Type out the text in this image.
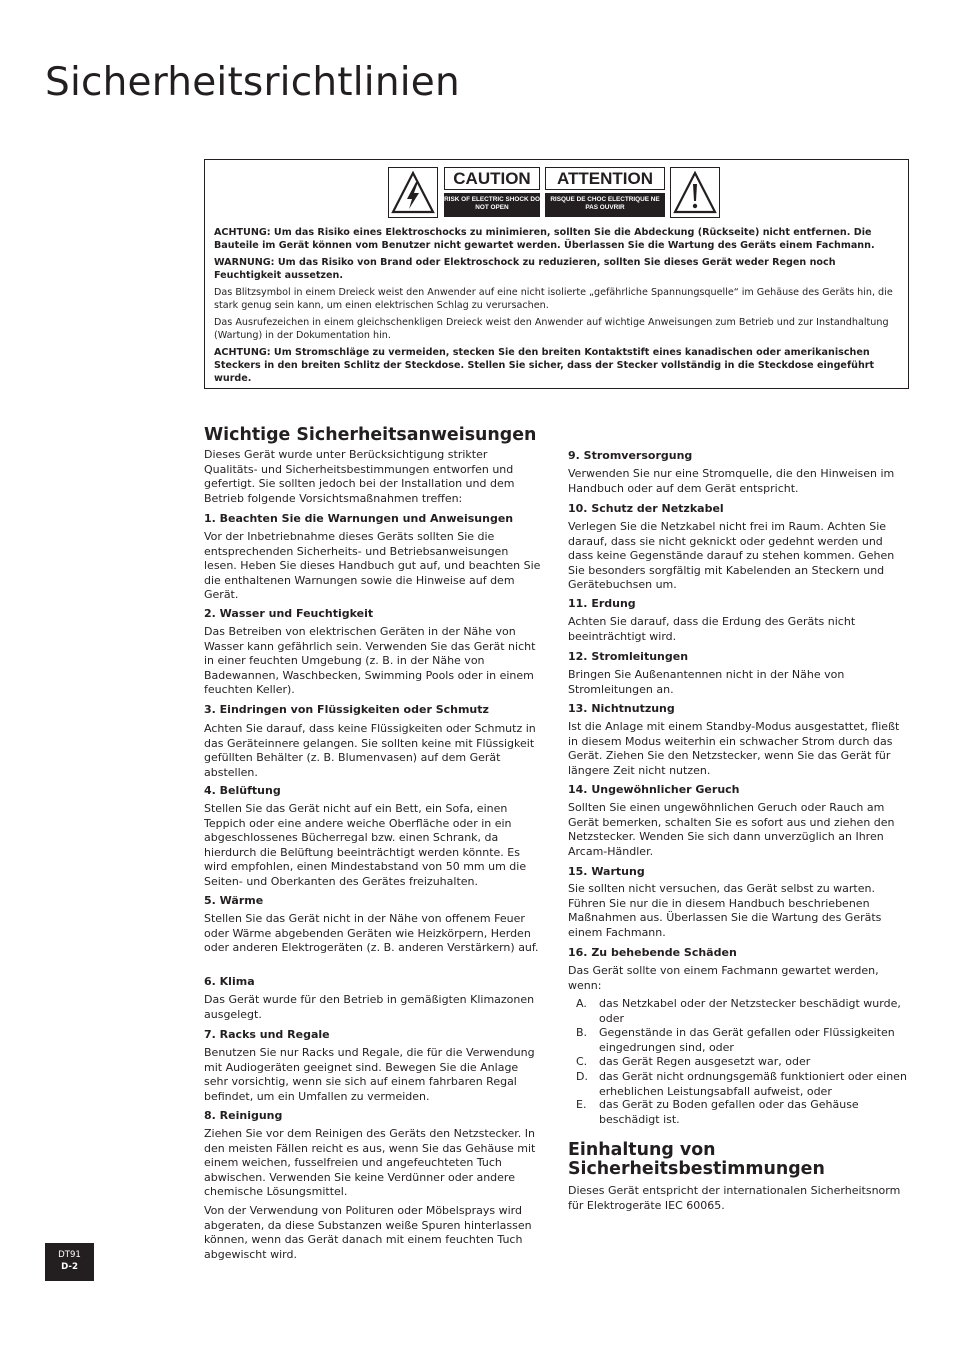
Sicherheitsrichtlinien
CAUTION
RISK OF ELECTRIC SHOCK DO NOT OPEN
ATTENTION
RISQUE DE CHOC ELECTRIQUE NE PAS OUVRIR

ACHTUNG: Um das Risiko eines Elektroschocks zu minimieren, sollten Sie die Abdeckung (Rückseite) nicht entfernen. Die Bauteile im Gerät können vom Benutzer nicht gewartet werden. Überlassen Sie die Wartung des Geräts einem Fachmann.

WARNUNG: Um das Risiko von Brand oder Elektroschock zu reduzieren, sollten Sie dieses Gerät weder Regen noch Feuchtigkeit aussetzen.

Das Blitzsymbol in einem Dreieck weist den Anwender auf eine nicht isolierte „gefährliche Spannungsquelle“ im Gehäuse des Geräts hin, die stark genug sein kann, um einen elektrischen Schlag zu verursachen.

Das Ausrufezeichen in einem gleichschenkligen Dreieck weist den Anwender auf wichtige Anweisungen zum Betrieb und zur Instandhaltung (Wartung) in der Dokumentation hin.

ACHTUNG: Um Stromschläge zu vermeiden, stecken Sie den breiten Kontaktstift eines kanadischen oder amerikanischen Steckers in den breiten Schlitz der Steckdose. Stellen Sie sicher, dass der Stecker vollständig in die Steckdose eingeführt wurde.

Wichtige Sicherheitsanweisungen
Dieses Gerät wurde unter Berücksichtigung strikter Qualitäts- und Sicherheitsbestimmungen entworfen und gefertigt. Sie sollten jedoch bei der Installation und dem Betrieb folgende Vorsichtsmaßnahmen treffen:
1. Beachten Sie die Warnungen und Anweisungen
Vor der Inbetriebnahme dieses Geräts sollten Sie die entsprechenden Sicherheits- und Betriebsanweisungen lesen. Heben Sie dieses Handbuch gut auf, und beachten Sie die enthaltenen Warnungen sowie die Hinweise auf dem Gerät.
2. Wasser und Feuchtigkeit
Das Betreiben von elektrischen Geräten in der Nähe von Wasser kann gefährlich sein. Verwenden Sie das Gerät nicht in einer feuchten Umgebung (z. B. in der Nähe von Badewannen, Waschbecken, Swimming Pools oder in einem feuchten Keller).
3. Eindringen von Flüssigkeiten oder Schmutz
Achten Sie darauf, dass keine Flüssigkeiten oder Schmutz in das Geräteinnere gelangen. Sie sollten keine mit Flüssigkeit gefüllten Behälter (z. B. Blumenvasen) auf dem Gerät abstellen.
4. Belüftung
Stellen Sie das Gerät nicht auf ein Bett, ein Sofa, einen Teppich oder eine andere weiche Oberfläche oder in ein abgeschlossenes Bücherregal bzw. einen Schrank, da hierdurch die Belüftung beeinträchtigt werden könnte. Es wird empfohlen, einen Mindestabstand von 50 mm um die Seiten- und Oberkanten des Gerätes freizuhalten.
5. Wärme
Stellen Sie das Gerät nicht in der Nähe von offenem Feuer oder Wärme abgebenden Geräten wie Heizkörpern, Herden oder anderen Elektrogeräten (z. B. anderen Verstärkern) auf.
6. Klima
Das Gerät wurde für den Betrieb in gemäßigten Klimazonen ausgelegt.
7. Racks und Regale
Benutzen Sie nur Racks und Regale, die für die Verwendung mit Audiogeräten geeignet sind. Bewegen Sie die Anlage sehr vorsichtig, wenn sie sich auf einem fahrbaren Regal befindet, um ein Umfallen zu vermeiden.
8. Reinigung
Ziehen Sie vor dem Reinigen des Geräts den Netzstecker. In den meisten Fällen reicht es aus, wenn Sie das Gehäuse mit einem weichen, fusselfreien und angefeuchteten Tuch abwischen. Verwenden Sie keine Verdünner oder andere chemische Lösungsmittel.
Von der Verwendung von Polituren oder Möbelsprays wird abgeraten, da diese Substanzen weiße Spuren hinterlassen können, wenn das Gerät danach mit einem feuchten Tuch abgewischt wird.
9. Stromversorgung
Verwenden Sie nur eine Stromquelle, die den Hinweisen im Handbuch oder auf dem Gerät entspricht.
10. Schutz der Netzkabel
Verlegen Sie die Netzkabel nicht frei im Raum. Achten Sie darauf, dass sie nicht geknickt oder gedehnt werden und dass keine Gegenstände darauf zu stehen kommen. Gehen Sie besonders sorgfältig mit Kabelenden an Steckern und Gerätebuchsen um.
11. Erdung
Achten Sie darauf, dass die Erdung des Geräts nicht beeinträchtigt wird.
12. Stromleitungen
Bringen Sie Außenantennen nicht in der Nähe von Stromleitungen an.
13. Nichtnutzung
Ist die Anlage mit einem Standby-Modus ausgestattet, fließt in diesem Modus weiterhin ein schwacher Strom durch das Gerät. Ziehen Sie den Netzstecker, wenn Sie das Gerät für längere Zeit nicht nutzen.
14. Ungewöhnlicher Geruch
Sollten Sie einen ungewöhnlichen Geruch oder Rauch am Gerät bemerken, schalten Sie es sofort aus und ziehen den Netzstecker. Wenden Sie sich dann unverzüglich an Ihren Arcam-Händler.
15. Wartung
Sie sollten nicht versuchen, das Gerät selbst zu warten. Führen Sie nur die in diesem Handbuch beschriebenen Maßnahmen aus. Überlassen Sie die Wartung des Geräts einem Fachmann.
16. Zu behebende Schäden
Das Gerät sollte von einem Fachmann gewartet werden, wenn:
A. das Netzkabel oder der Netzstecker beschädigt wurde, oder
B. Gegenstände in das Gerät gefallen oder Flüssigkeiten eingedrungen sind, oder
C. das Gerät Regen ausgesetzt war, oder
D. das Gerät nicht ordnungsgemäß funktioniert oder einen erheblichen Leistungsabfall aufweist, oder
E. das Gerät zu Boden gefallen oder das Gehäuse beschädigt ist.
Einhaltung von Sicherheitsbestimmungen
Dieses Gerät entspricht der internationalen Sicherheitsnorm für Elektrogeräte IEC 60065.
DT91
D-2
